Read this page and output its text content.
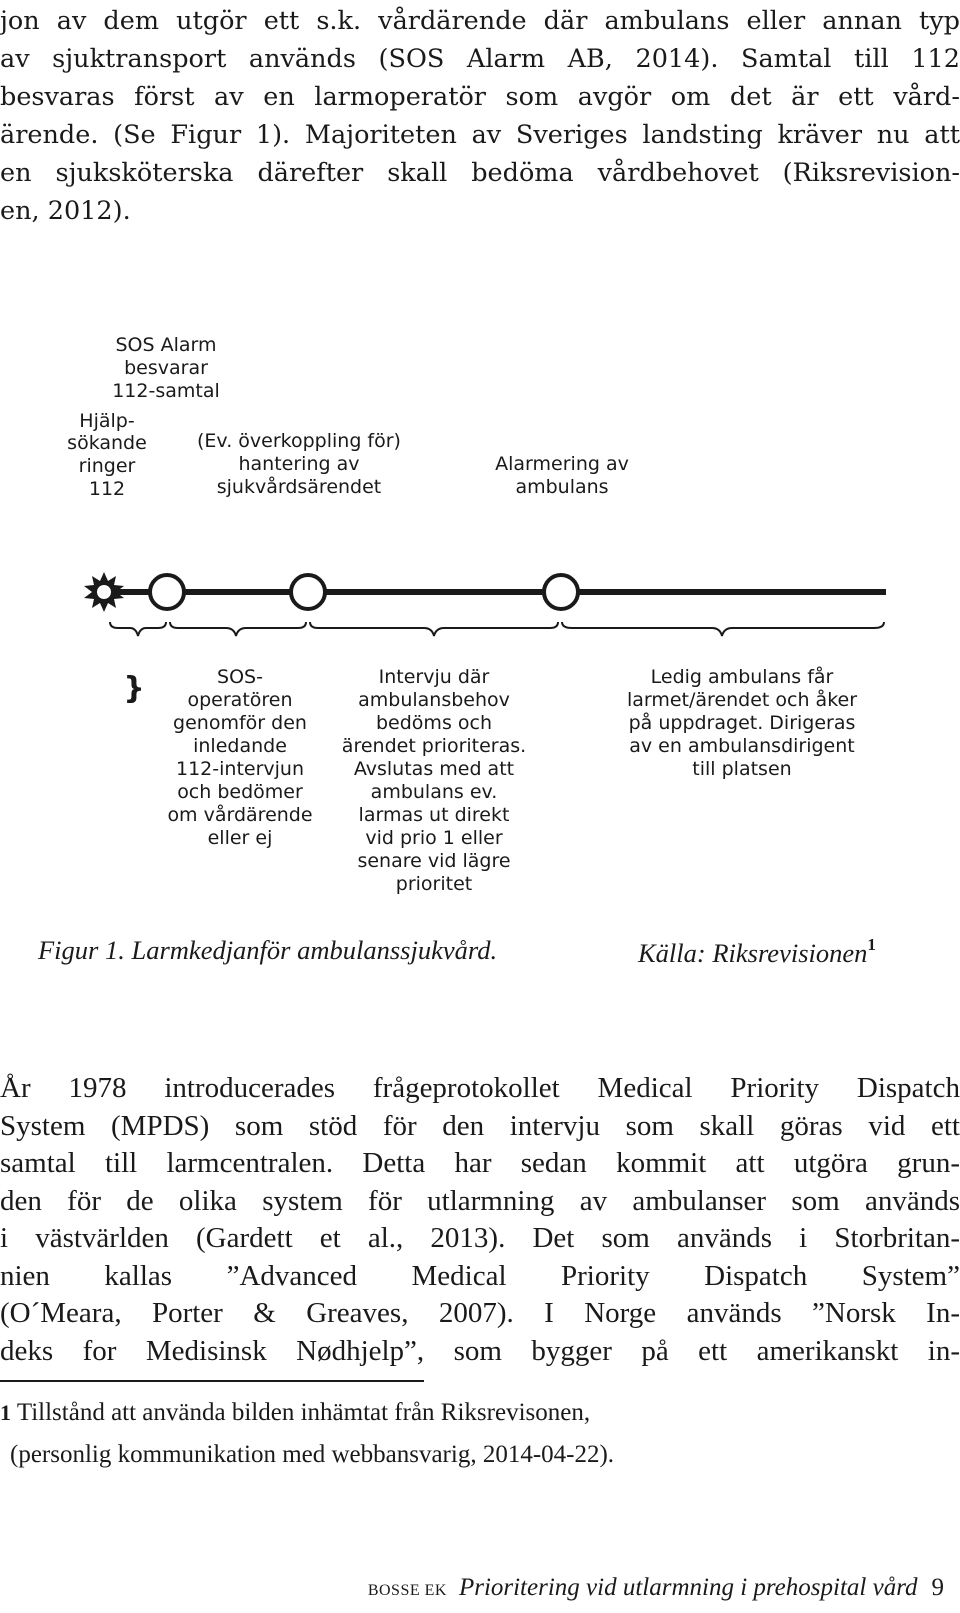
jon av dem utgör ett s.k. vårdärende där ambulans eller annan typ
av sjuktransport används (SOS Alarm AB, 2014). Samtal till 112
besvaras först av en larmoperatör som avgör om det är ett vård-
ärende. (Se Figur 1). Majoriteten av Sveriges landsting kräver nu att
en sjuksköterska därefter skall bedöma vårdbehovet (Riksrevision-
en, 2012).
SOS Alarm
besvarar
112-samtal
Hjälp-
sökande
ringer
112
(Ev. överkoppling för)
hantering av
sjukvårdsärendet
Alarmering av
ambulans
}	SOS-
operatören
genomför den
inledande
112-intervjun
och bedömer
om vårdärende
eller ej
Intervju där
ambulansbehov
bedöms och
ärendet prioriteras.
Avslutas med att
ambulans ev.
larmas ut direkt
vid prio 1 eller
senare vid lägre
prioritet
Ledig ambulans får
larmet/ärendet och åker
på uppdraget. Dirigeras
av en ambulansdirigent
till platsen

Figur 1. Larmkedjanför ambulanssjukvård.	Källa: Riksrevisionen$^1$

År 1978 introducerades frågeprotokollet Medical Priority Dispatch
System (MPDS) som stöd för den intervju som skall göras vid ett
samtal till larmcentralen. Detta har sedan kommit att utgöra grun-
den för de olika system för utlarmning av ambulanser som används
i västvärlden (Gardett et al., 2013). Det som används i Storbritan-
nien kallas ”Advanced Medical Priority Dispatch System”
(O´Meara, Porter & Greaves, 2007). I Norge används ”Norsk In-
deks for Medisinsk Nødhjelp”, som bygger på ett amerikanskt in-
1 Tillstånd att använda bilden inhämtat från Riksrevisonen,
(personlig kommunikation med webbansvarig, 2014-04-22).

BOSSE EK Prioritering vid utlarmning i prehospital vård 9
